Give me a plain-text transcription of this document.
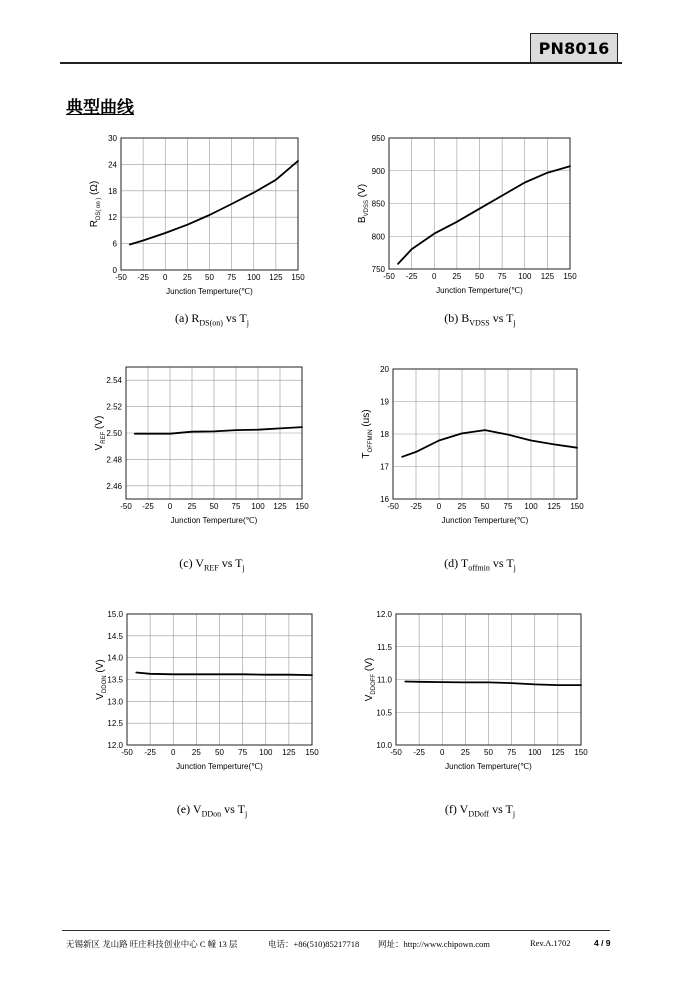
PN8016
典型曲线
-50 -25 0 25 50 75 100 125 150
0
6
12
18
24
30
Junction Temperture(℃)
$R_{DS( on )}$ (Ω)
-50 -25 0 25 50 75 100 125 150
750
800
850
900
950
Junction Temperture(℃)
$B_{VDSS}$ (V)
-50 -25 0 25 50 75 100 125 150
2.46
2.48
2.50
2.52
2.54
Junction Temperture(℃)
$V_{REF}$ (V)
-50 -25 0 25 50 75 100 125 150
16
17
18
19
20
Junction Temperture(℃)
$T_{OFFMIN}$ (us)
-50 -25 0 25 50 75 100 125 150
12.0
12.5
13.0
13.5
14.0
14.5
15.0
Junction Temperture(℃)
$V_{DDON}$ (V)
-50 -25 0 25 50 75 100 125 150
10.0
10.5
11.0
11.5
12.0
Junction Temperture(℃)
$V_{DDOFF}$ (V)
(a) $R_{DS(on)}$ vs $T_j$	(b) $B_{VDSS}$ vs $T_j$
(c) $V_{REF}$ vs $T_j$	(d) $T_{offmin}$ vs $T_j$
(e) $V_{DDon}$ vs $T_j$	(f) $V_{DDoff}$ vs $T_j$
无锡新区 龙山路 旺庄科技创业中心 C 幢 13 层	电话：+86(510)85217718 网址：http://www.chipown.com	Rev.A.1702	4 / 9
